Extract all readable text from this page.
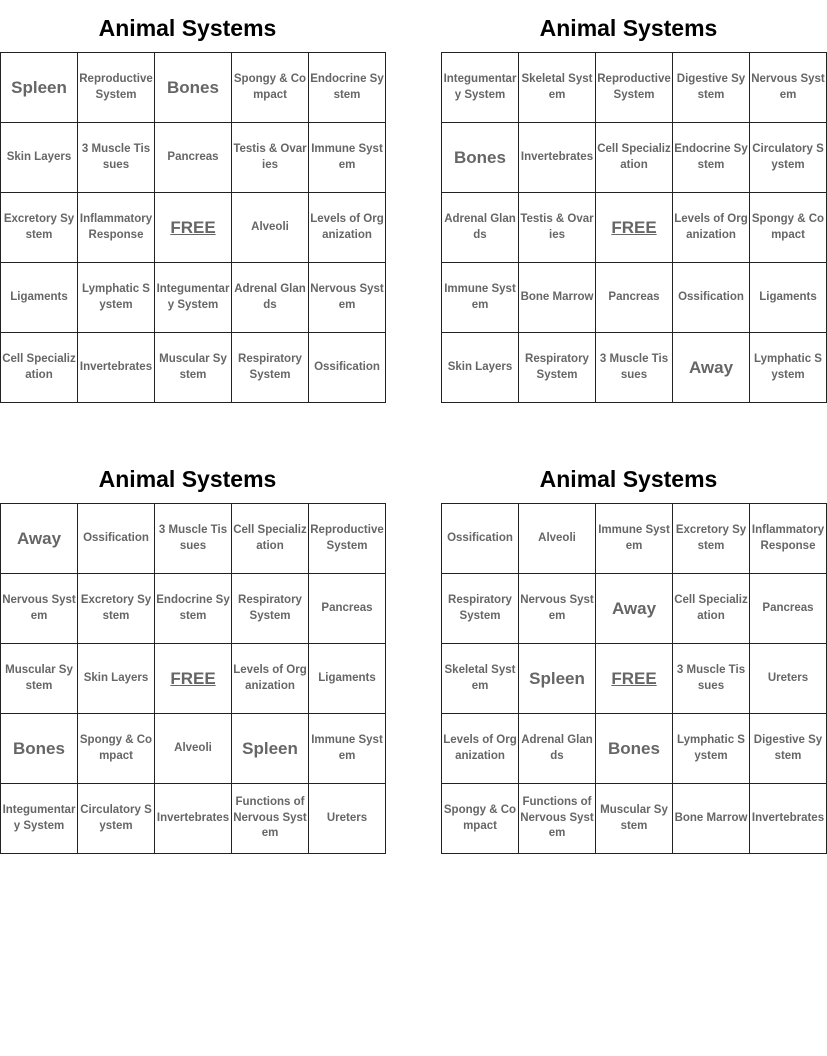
Animal Systems
Spleen	Reproductive System	Bones	Spongy & Compact	Endocrine System
Skin Layers	3 Muscle Tissues	Pancreas	Testis & Ovaries	Immune System
Excretory System	Inflammatory Response	FREE	Alveoli	Levels of Organization
Ligaments	Lymphatic System	Integumentary System	Adrenal Glands	Nervous System
Cell Specialization	Invertebrates	Muscular System	Respiratory System	Ossification
Animal Systems
Integumentary System	Skeletal System	Reproductive System	Digestive System	Nervous System
Bones	Invertebrates	Cell Specialization	Endocrine System	Circulatory System
Adrenal Glands	Testis & Ovaries	FREE	Levels of Organization	Spongy & Compact
Immune System	Bone Marrow	Pancreas	Ossification	Ligaments
Skin Layers	Respiratory System	3 Muscle Tissues	Away	Lymphatic System
Animal Systems
Away	Ossification	3 Muscle Tissues	Cell Specialization	Reproductive System
Nervous System	Excretory System	Endocrine System	Respiratory System	Pancreas
Muscular System	Skin Layers	FREE	Levels of Organization	Ligaments
Bones	Spongy & Compact	Alveoli	Spleen	Immune System
Integumentary System	Circulatory System	Invertebrates	Functions of Nervous System	Ureters
Animal Systems
Ossification	Alveoli	Immune System	Excretory System	Inflammatory Response
Respiratory System	Nervous System	Away	Cell Specialization	Pancreas
Skeletal System	Spleen	FREE	3 Muscle Tissues	Ureters
Levels of Organization	Adrenal Glands	Bones	Lymphatic System	Digestive System
Spongy & Compact	Functions of Nervous System	Muscular System	Bone Marrow	Invertebrates
